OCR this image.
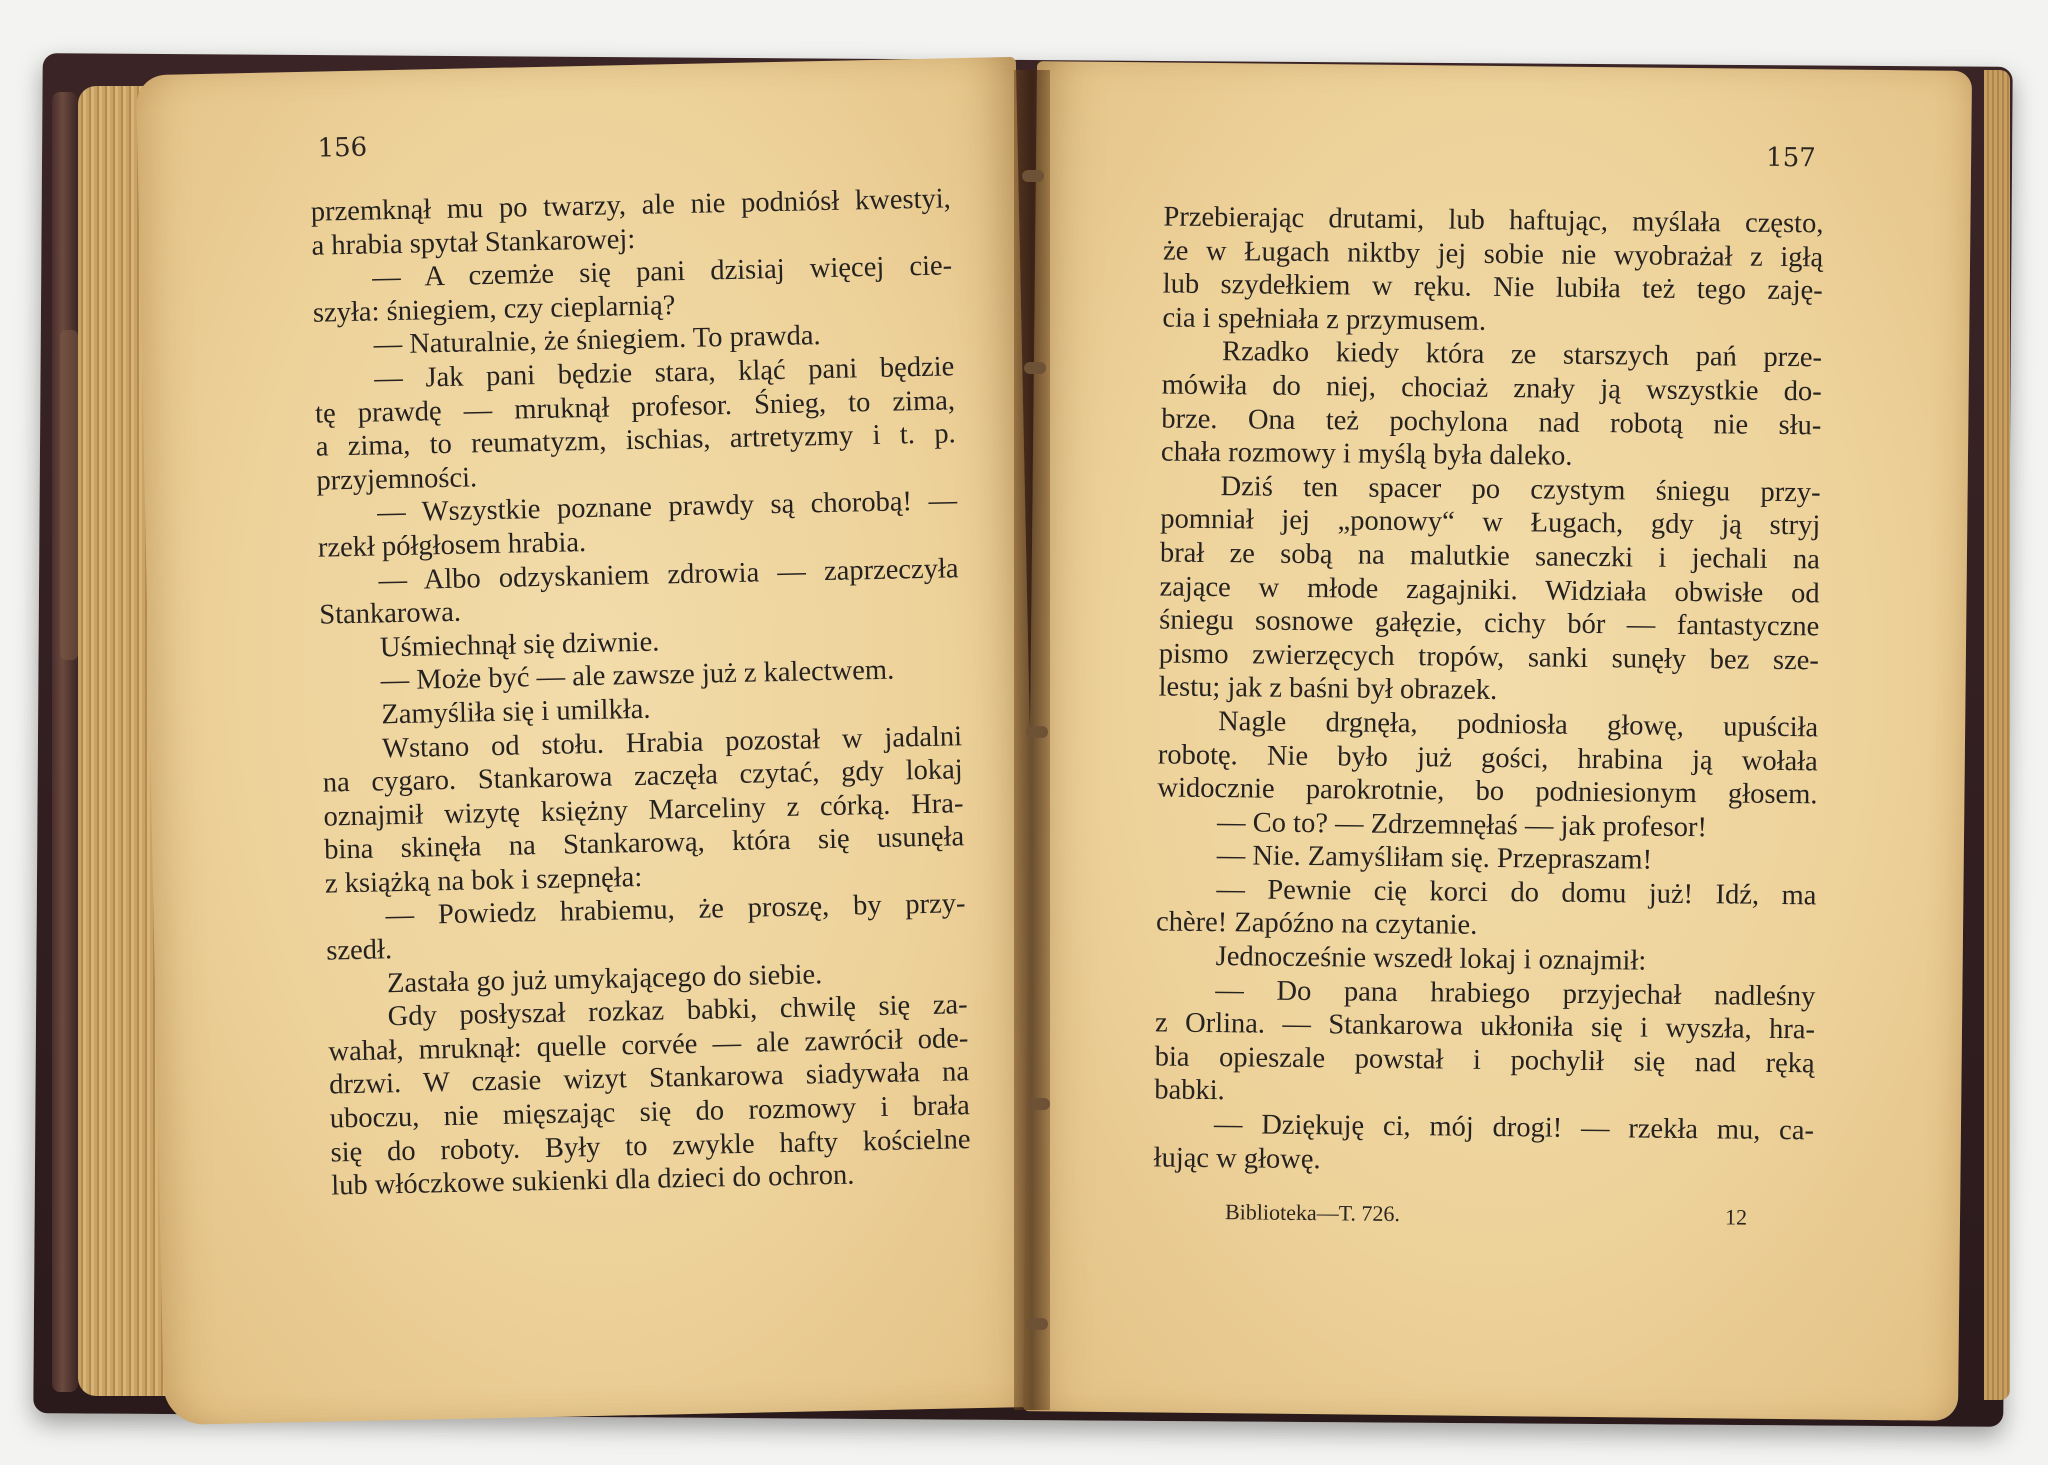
156
przemknął mu po twarzy, ale nie podniósł kwestyi,
a hrabia spytał Stankarowej:
— A czemże się pani dzisiaj więcej cie-
szyła: śniegiem, czy cieplarnią?
— Naturalnie, że śniegiem. To prawda.
— Jak pani będzie stara, kląć pani będzie
tę prawdę — mruknął profesor. Śnieg, to zima,
a zima, to reumatyzm, ischias, artretyzmy i t. p.
przyjemności.
— Wszystkie poznane prawdy są chorobą! —
rzekł półgłosem hrabia.
— Albo odzyskaniem zdrowia — zaprzeczyła
Stankarowa.
Uśmiechnął się dziwnie.
— Może być — ale zawsze już z kalectwem.
Zamyśliła się i umilkła.
Wstano od stołu. Hrabia pozostał w jadalni
na cygaro. Stankarowa zaczęła czytać, gdy lokaj
oznajmił wizytę księżny Marceliny z córką. Hra-
bina skinęła na Stankarową, która się usunęła
z książką na bok i szepnęła:
— Powiedz hrabiemu, że proszę, by przy-
szedł.
Zastała go już umykającego do siebie.
Gdy posłyszał rozkaz babki, chwilę się za-
wahał, mruknął: quelle corvée — ale zawrócił ode-
drzwi. W czasie wizyt Stankarowa siadywała na
uboczu, nie mięszając się do rozmowy i brała
się do roboty. Były to zwykle hafty kościelne
lub włóczkowe sukienki dla dzieci do ochron.
157
Przebierając drutami, lub haftując, myślała często,
że w Ługach niktby jej sobie nie wyobrażał z igłą
lub szydełkiem w ręku. Nie lubiła też tego zaję-
cia i spełniała z przymusem.
Rzadko kiedy która ze starszych pań prze-
mówiła do niej, chociaż znały ją wszystkie do-
brze. Ona też pochylona nad robotą nie słu-
chała rozmowy i myślą była daleko.
Dziś ten spacer po czystym śniegu przy-
pomniał jej „ponowy“ w Ługach, gdy ją stryj
brał ze sobą na malutkie saneczki i jechali na
zające w młode zagajniki. Widziała obwisłe od
śniegu sosnowe gałęzie, cichy bór — fantastyczne
pismo zwierzęcych tropów, sanki sunęły bez sze-
lestu; jak z baśni był obrazek.
Nagle drgnęła, podniosła głowę, upuściła
robotę. Nie było już gości, hrabina ją wołała
widocznie parokrotnie, bo podniesionym głosem.
— Co to? — Zdrzemnęłaś — jak profesor!
— Nie. Zamyśliłam się. Przepraszam!
— Pewnie cię korci do domu już! Idź, ma
chère! Zapóźno na czytanie.
Jednocześnie wszedł lokaj i oznajmił:
— Do pana hrabiego przyjechał nadleśny
z Orlina. — Stankarowa ukłoniła się i wyszła, hra-
bia opieszale powstał i pochylił się nad ręką
babki.
— Dziękuję ci, mój drogi! — rzekła mu, ca-
łując w głowę.
Biblioteka—T. 726.	12
